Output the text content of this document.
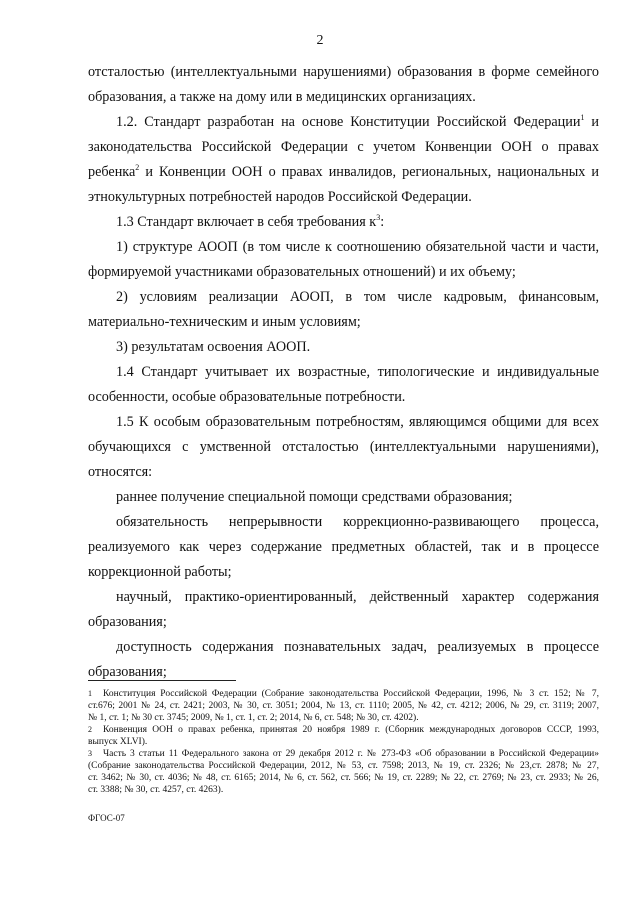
2
отсталостью (интеллектуальными нарушениями) образования в форме семейного
образования, а также на дому или в медицинских организациях.
1.2. Стандарт разработан на основе Конституции Российской Федерации$^1$ и
законодательства Российской Федерации с учетом Конвенции ООН о правах
ребенка$^2$ и Конвенции ООН о правах инвалидов, региональных, национальных и
этнокультурных потребностей народов Российской Федерации.
1.3 Стандарт включает в себя требования $к^3$:
1) структуре АООП (в том числе к соотношению обязательной части и части,
формируемой участниками образовательных отношений) и их объему;
2) условиям реализации АООП, в том числе кадровым, финансовым,
материально-техническим и иным условиям;
3) результатам освоения АООП.
1.4 Стандарт учитывает их возрастные, типологические и индивидуальные
особенности, особые образовательные потребности.
1.5 К особым образовательным потребностям, являющимся общими для всех
обучающихся с умственной отсталостью (интеллектуальными нарушениями),
относятся:
раннее получение специальной помощи средствами образования;
обязательность непрерывности коррекционно-развивающего процесса,
реализуемого как через содержание предметных областей, так и в процессе
коррекционной работы;
научный, практико-ориентированный, действенный характер содержания
образования;
доступность содержания познавательных задач, реализуемых в процессе
образования;
1 Конституция Российской Федерации (Собрание законодательства Российской Федерации, 1996, № 3 ст. 152; № 7,
ст.676; 2001 № 24, ст. 2421; 2003, № 30, ст. 3051; 2004, № 13, ст. 1110; 2005, № 42, ст. 4212; 2006, № 29, ст. 3119; 2007,
№ 1, ст. 1; № 30 ст. 3745; 2009, № 1, ст. 1, ст. 2; 2014, № 6, ст. 548; № 30, ст. 4202).
2 Конвенция ООН о правах ребенка, принятая 20 ноября 1989 г. (Сборник международных договоров СССР, 1993,
выпуск XLVI).
3 Часть 3 статьи 11 Федерального закона от 29 декабря 2012 г. № 273-ФЗ «Об образовании в Российской Федерации»
(Собрание законодательства Российской Федерации, 2012, № 53, ст. 7598; 2013, № 19, ст. 2326; № 23,ст. 2878; № 27,
ст. 3462; № 30, ст. 4036; № 48, ст. 6165; 2014, № 6, ст. 562, ст. 566; № 19, ст. 2289; № 22, ст. 2769; № 23, ст. 2933; № 26,
ст. 3388; № 30, ст. 4257, ст. 4263).
ФГОС-07
